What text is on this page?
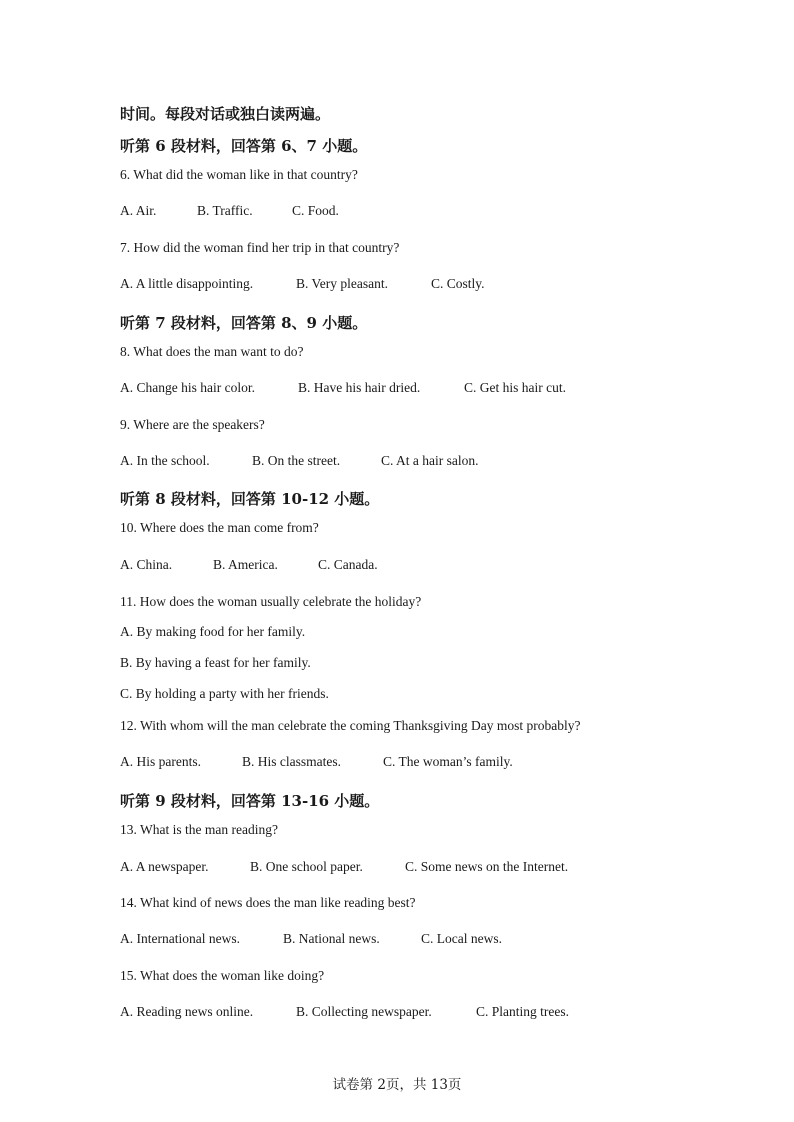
时间。每段对话或独白读两遍。
听第 6 段材料，回答第 6、7 小题。
6. What did the woman like in that country?
A. Air.	B. Traffic.	C. Food.
7. How did the woman find her trip in that country?
A. A little disappointing.	B. Very pleasant.	C. Costly.
听第 7 段材料，回答第 8、9 小题。
8. What does the man want to do?
A. Change his hair color.	B. Have his hair dried.	C. Get his hair cut.
9. Where are the speakers?
A. In the school.	B. On the street.	C. At a hair salon.
听第 8 段材料，回答第 10-12 小题。
10. Where does the man come from?
A. China.	B. America.	C. Canada.
11. How does the woman usually celebrate the holiday?
A. By making food for her family.
B. By having a feast for her family.
C. By holding a party with her friends.
12. With whom will the man celebrate the coming Thanksgiving Day most probably?
A. His parents.	B. His classmates.	C. The woman’s family.
听第 9 段材料，回答第 13-16 小题。
13. What is the man reading?
A. A newspaper.	B. One school paper.	C. Some news on the Internet.
14. What kind of news does the man like reading best?
A. International news.	B. National news.	C. Local news.
15. What does the woman like doing?
A. Reading news online.	B. Collecting newspaper.	C. Planting trees.
试卷第 2页，共 13页
